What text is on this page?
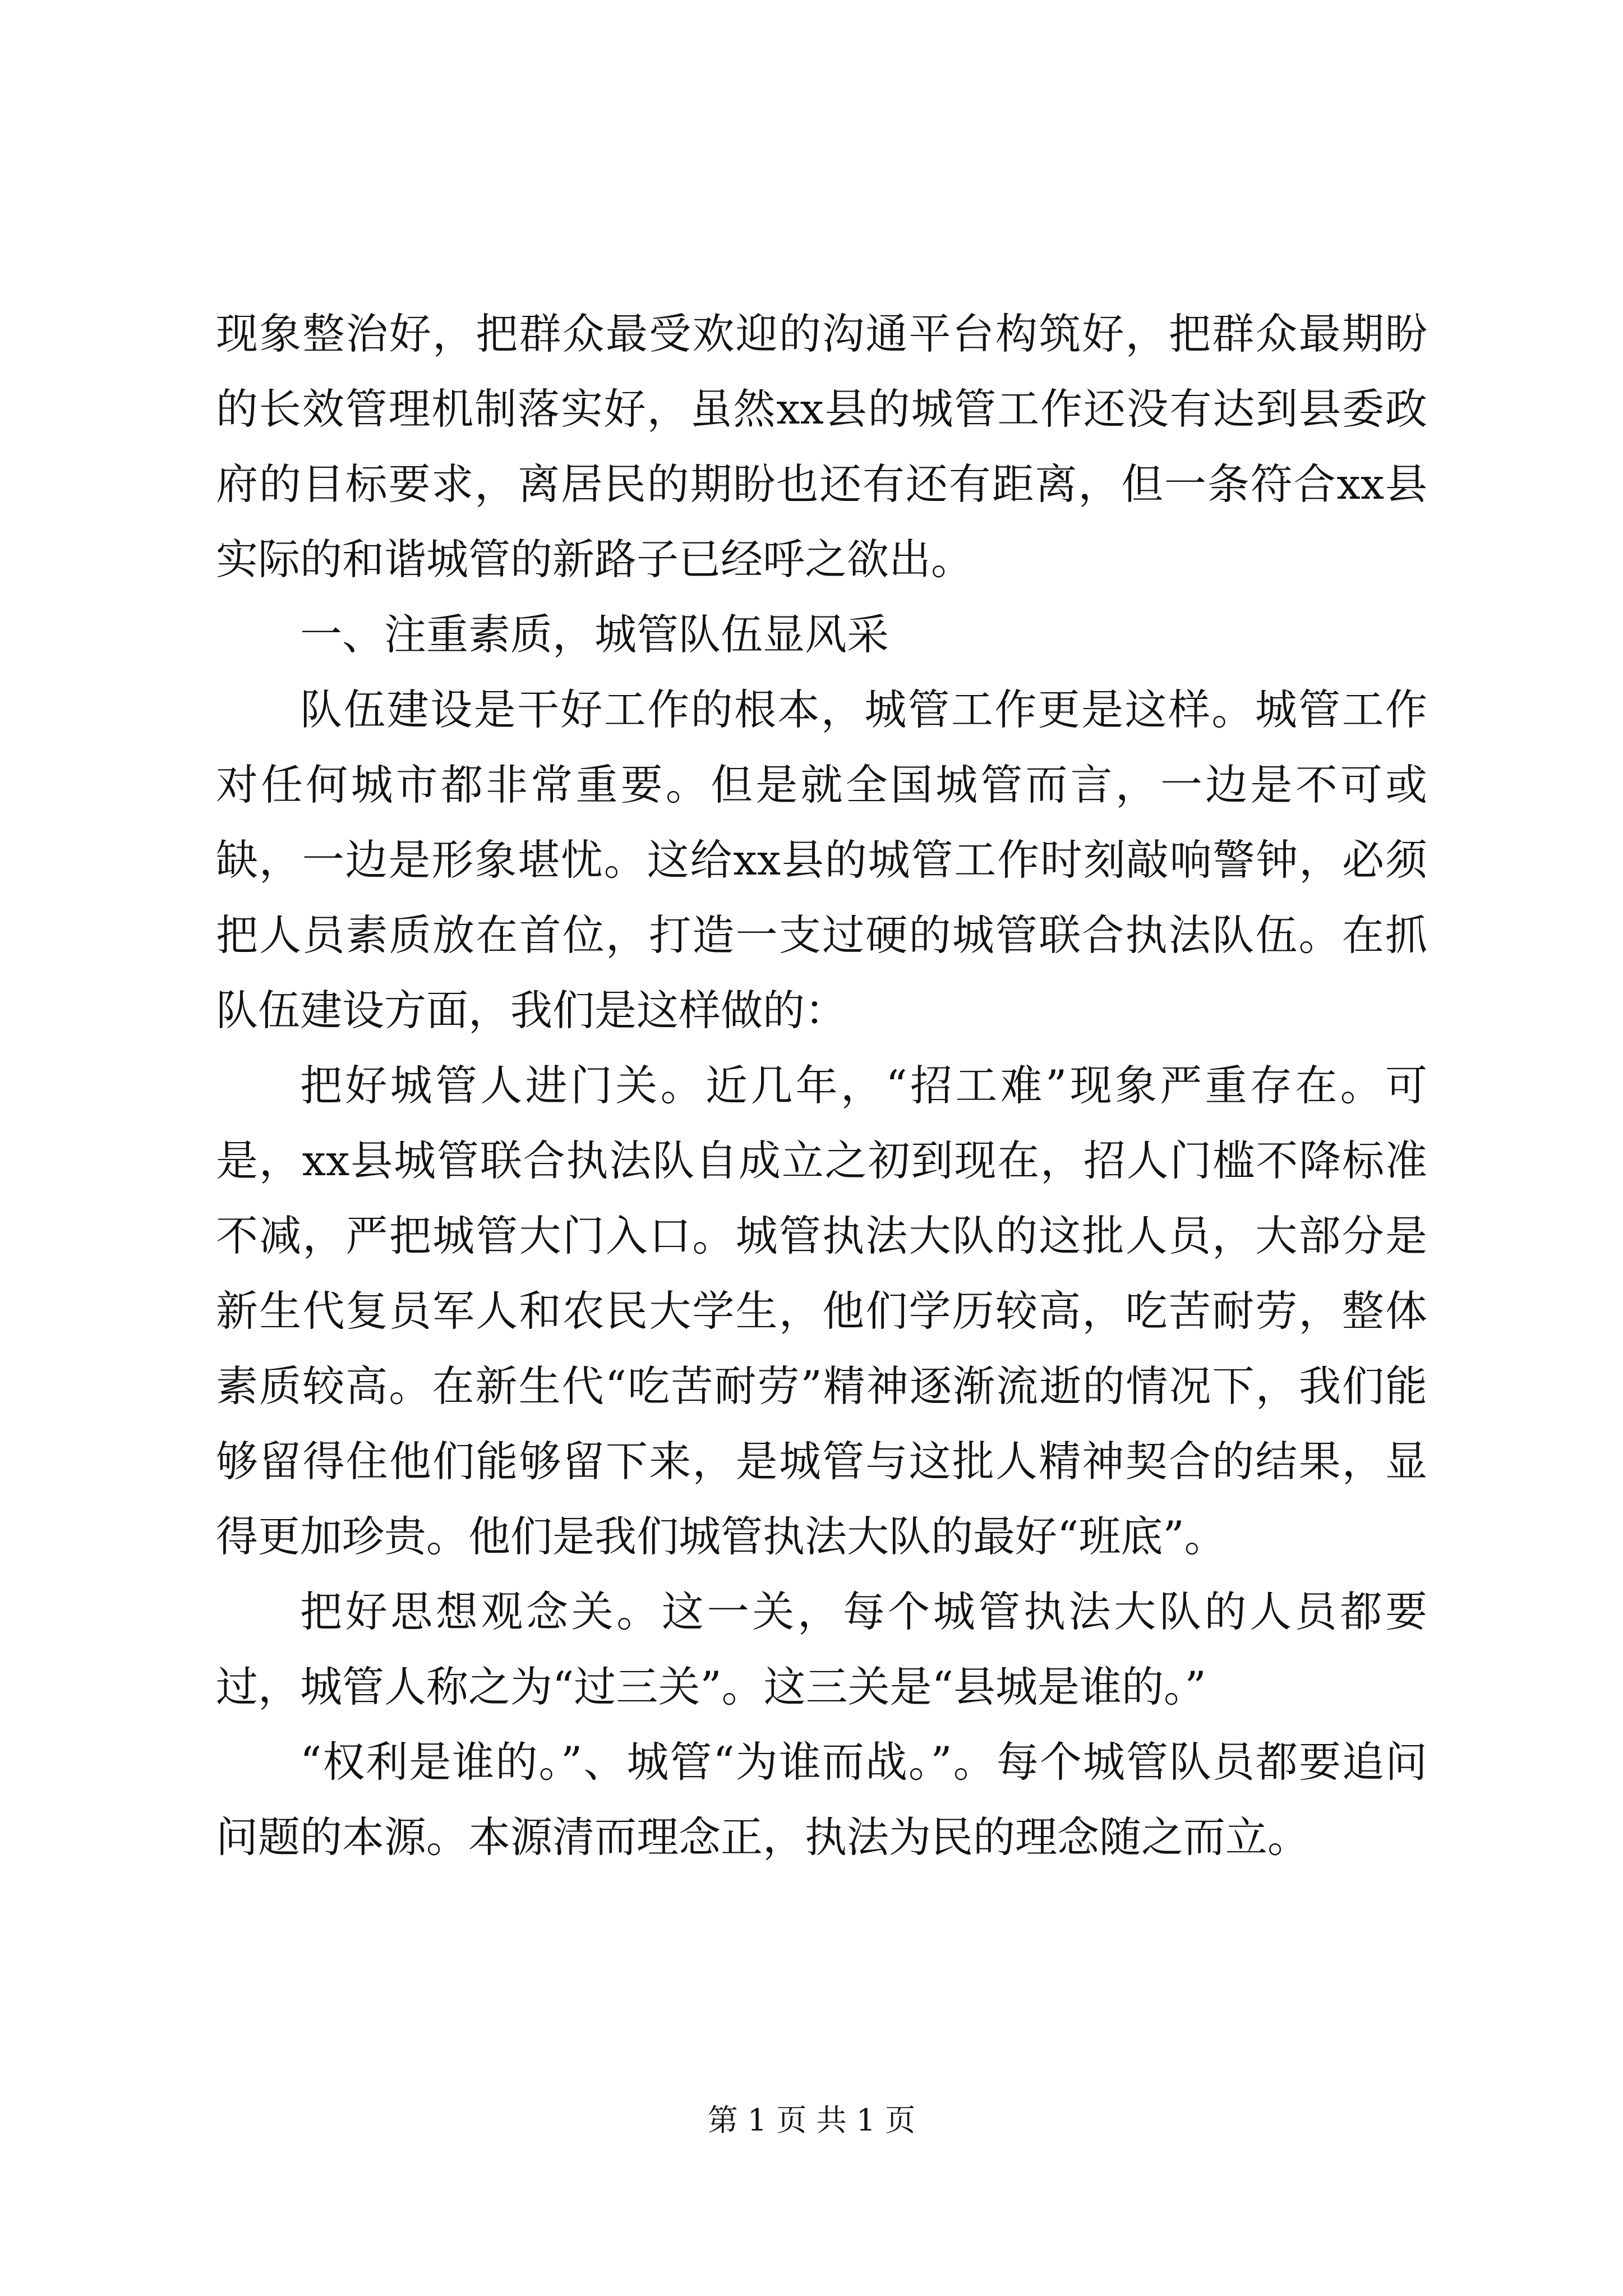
现象整治好，把群众最受欢迎的沟通平台构筑好，把群众最期盼的长效管理机制落实好，虽然xx县的城管工作还没有达到县委政府的目标要求，离居民的期盼也还有还有距离，但一条符合xx县实际的和谐城管的新路子已经呼之欲出。

一、注重素质，城管队伍显风采

队伍建设是干好工作的根本，城管工作更是这样。城管工作对任何城市都非常重要。但是就全国城管而言，一边是不可或缺，一边是形象堪忧。这给xx县的城管工作时刻敲响警钟，必须把人员素质放在首位，打造一支过硬的城管联合执法队伍。在抓队伍建设方面，我们是这样做的：

把好城管人进门关。近几年，“招工难”现象严重存在。可是，xx县城管联合执法队自成立之初到现在，招人门槛不降标准不减，严把城管大门入口。城管执法大队的这批人员，大部分是新生代复员军人和农民大学生，他们学历较高，吃苦耐劳，整体素质较高。在新生代“吃苦耐劳”精神逐渐流逝的情况下，我们能够留得住他们能够留下来，是城管与这批人精神契合的结果，显得更加珍贵。他们是我们城管执法大队的最好“班底”。

把好思想观念关。这一关，每个城管执法大队的人员都要过，城管人称之为“过三关”。这三关是“县城是谁的。”

“权利是谁的。”、城管“为谁而战。”。每个城管队员都要追问问题的本源。本源清而理念正，执法为民的理念随之而立。

第 1 页 共 1 页
